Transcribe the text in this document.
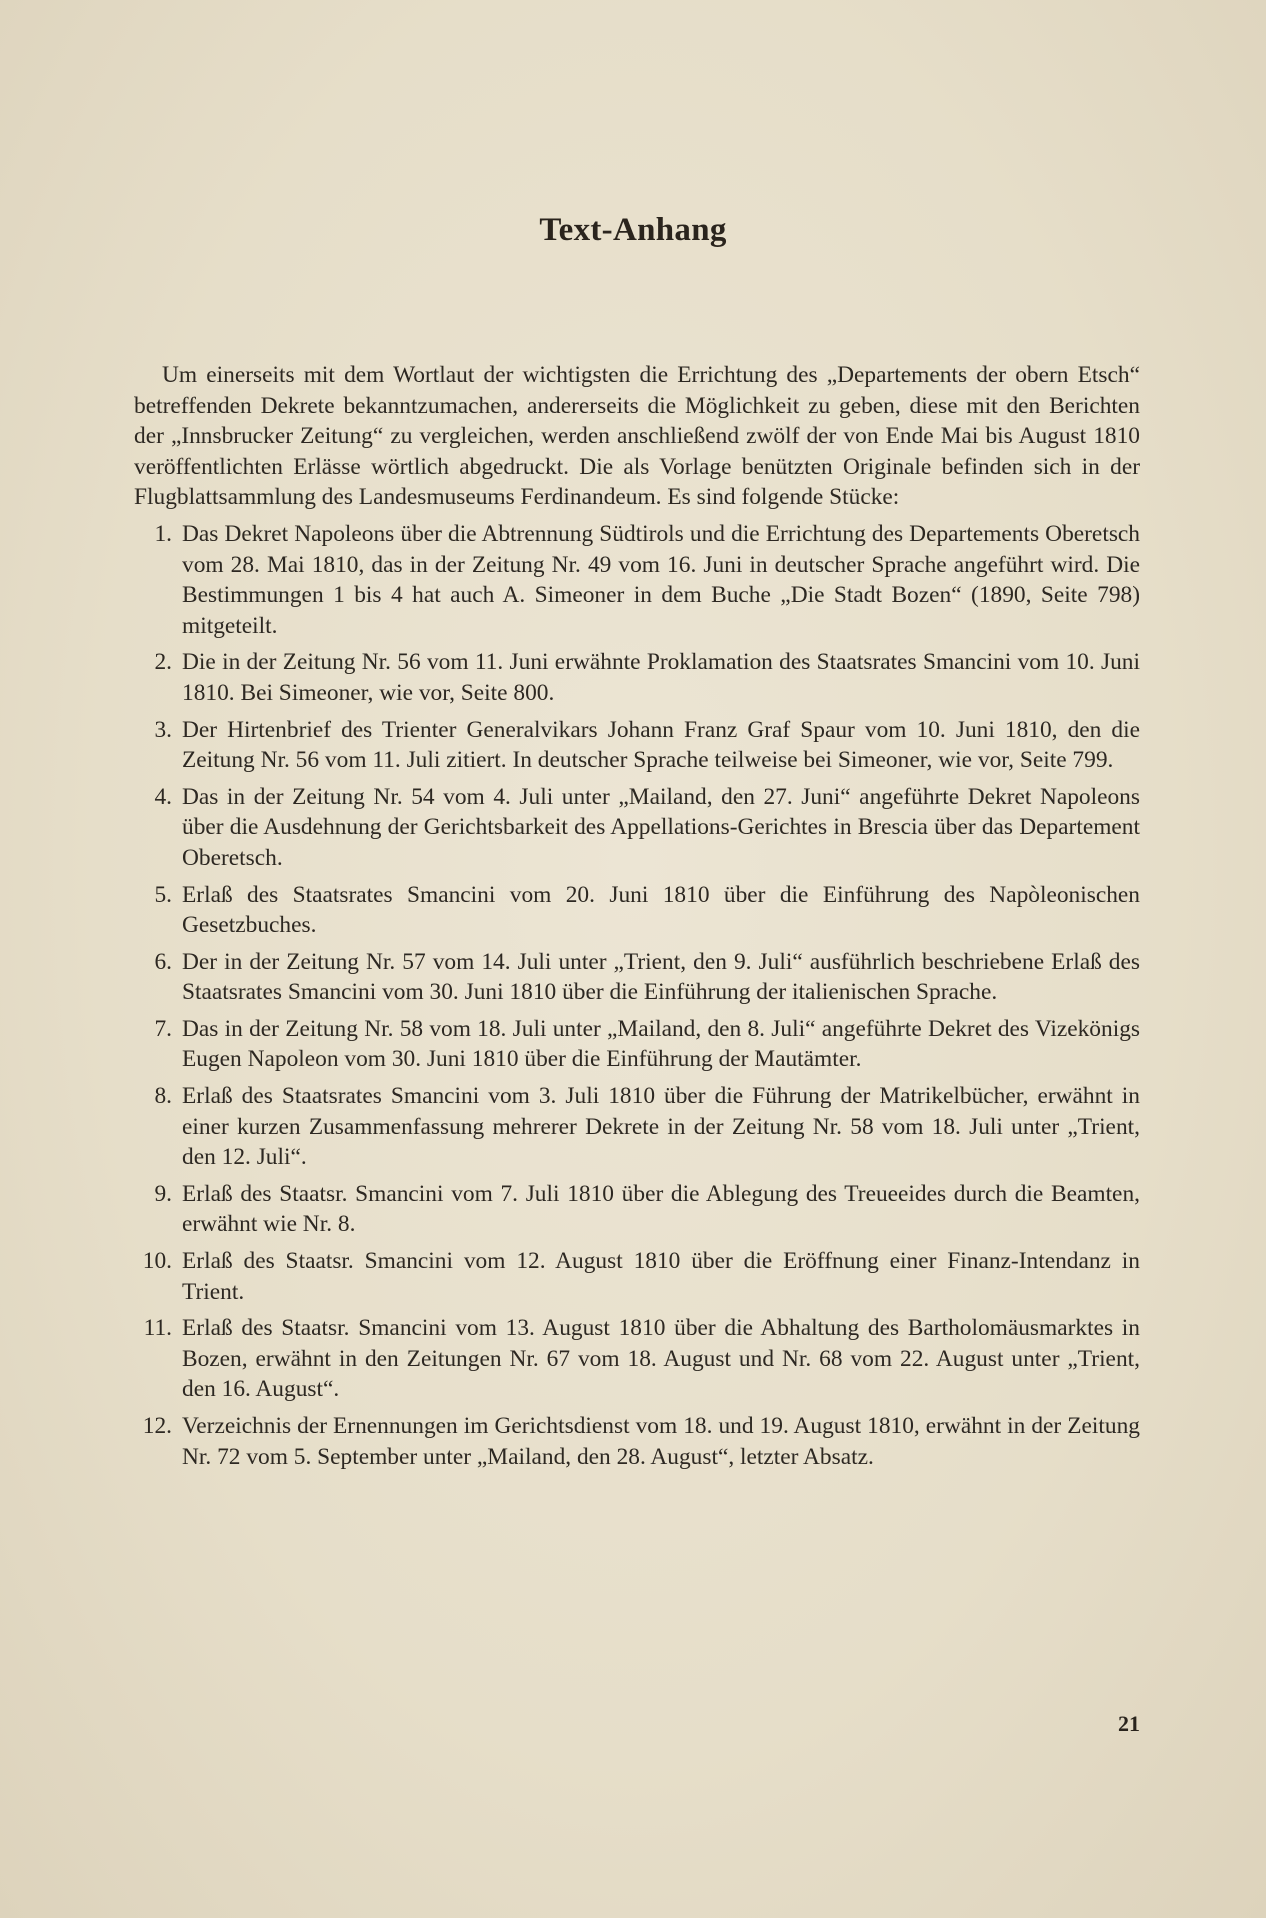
Text-Anhang

Um einerseits mit dem Wortlaut der wichtigsten die Errichtung des „Departements der obern Etsch“ betreffenden Dekrete bekanntzumachen, andererseits die Möglichkeit zu geben, diese mit den Berichten der „Innsbrucker Zeitung“ zu vergleichen, werden anschließend zwölf der von Ende Mai bis August 1810 veröffentlichten Erlässe wörtlich abgedruckt. Die als Vorlage benützten Originale befinden sich in der Flugblattsammlung des Landesmuseums Ferdinandeum. Es sind folgende Stücke:

1. Das Dekret Napoleons über die Abtrennung Südtirols und die Errichtung des Departements Oberetsch vom 28. Mai 1810, das in der Zeitung Nr. 49 vom 16. Juni in deutscher Sprache angeführt wird. Die Bestimmungen 1 bis 4 hat auch A. Simeoner in dem Buche „Die Stadt Bozen“ (1890, Seite 798) mitgeteilt.
2. Die in der Zeitung Nr. 56 vom 11. Juni erwähnte Proklamation des Staatsrates Smancini vom 10. Juni 1810. Bei Simeoner, wie vor, Seite 800.
3. Der Hirtenbrief des Trienter Generalvikars Johann Franz Graf Spaur vom 10. Juni 1810, den die Zeitung Nr. 56 vom 11. Juli zitiert. In deutscher Sprache teilweise bei Simeoner, wie vor, Seite 799.
4. Das in der Zeitung Nr. 54 vom 4. Juli unter „Mailand, den 27. Juni“ angeführte Dekret Napoleons über die Ausdehnung der Gerichtsbarkeit des Appellations-Gerichtes in Brescia über das Departement Oberetsch.
5. Erlaß des Staatsrates Smancini vom 20. Juni 1810 über die Einführung des Napòleonischen Gesetzbuches.
6. Der in der Zeitung Nr. 57 vom 14. Juli unter „Trient, den 9. Juli“ ausführlich beschriebene Erlaß des Staatsrates Smancini vom 30. Juni 1810 über die Einführung der italienischen Sprache.
7. Das in der Zeitung Nr. 58 vom 18. Juli unter „Mailand, den 8. Juli“ angeführte Dekret des Vizekönigs Eugen Napoleon vom 30. Juni 1810 über die Einführung der Mautämter.
8. Erlaß des Staatsrates Smancini vom 3. Juli 1810 über die Führung der Matrikelbücher, erwähnt in einer kurzen Zusammenfassung mehrerer Dekrete in der Zeitung Nr. 58 vom 18. Juli unter „Trient, den 12. Juli“.
9. Erlaß des Staatsr. Smancini vom 7. Juli 1810 über die Ablegung des Treueeides durch die Beamten, erwähnt wie Nr. 8.
10. Erlaß des Staatsr. Smancini vom 12. August 1810 über die Eröffnung einer Finanz-Intendanz in Trient.
11. Erlaß des Staatsr. Smancini vom 13. August 1810 über die Abhaltung des Bartholomäusmarktes in Bozen, erwähnt in den Zeitungen Nr. 67 vom 18. August und Nr. 68 vom 22. August unter „Trient, den 16. August“.
12. Verzeichnis der Ernennungen im Gerichtsdienst vom 18. und 19. August 1810, erwähnt in der Zeitung Nr. 72 vom 5. September unter „Mailand, den 28. August“, letzter Absatz.
21
